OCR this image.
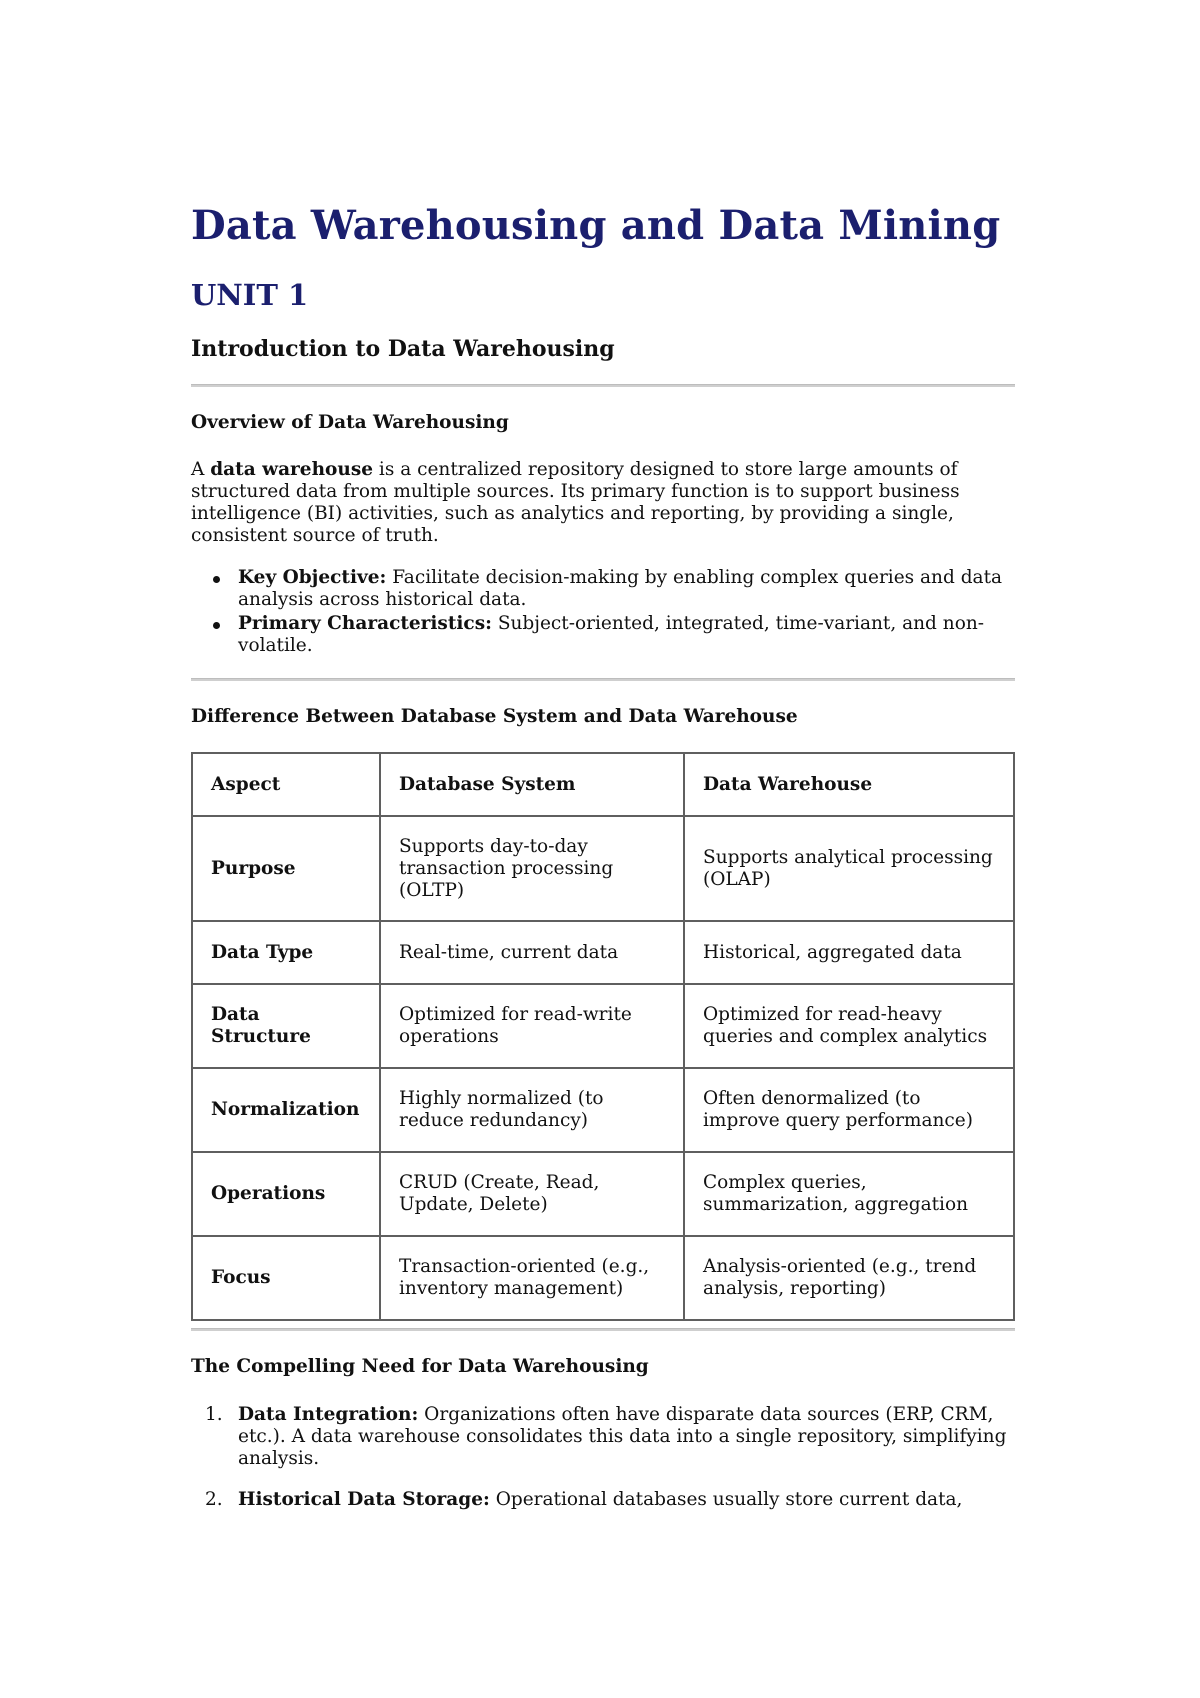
Data Warehousing and Data Mining
UNIT 1
Introduction to Data Warehousing
Overview of Data Warehousing
A data warehouse is a centralized repository designed to store large amounts of structured data from multiple sources. Its primary function is to support business intelligence (BI) activities, such as analytics and reporting, by providing a single, consistent source of truth.
Key Objective: Facilitate decision-making by enabling complex queries and data analysis across historical data.
Primary Characteristics: Subject-oriented, integrated, time-variant, and non-volatile.
Difference Between Database System and Data Warehouse
Aspect	Database System	Data Warehouse
Purpose	Supports day-to-day transaction processing (OLTP)	Supports analytical processing (OLAP)
Data Type	Real-time, current data	Historical, aggregated data
Data Structure	Optimized for read-write operations	Optimized for read-heavy queries and complex analytics
Normalization	Highly normalized (to reduce redundancy)	Often denormalized (to improve query performance)
Operations	CRUD (Create, Read, Update, Delete)	Complex queries, summarization, aggregation
Focus	Transaction-oriented (e.g., inventory management)	Analysis-oriented (e.g., trend analysis, reporting)
The Compelling Need for Data Warehousing
1. Data Integration: Organizations often have disparate data sources (ERP, CRM, etc.). A data warehouse consolidates this data into a single repository, simplifying analysis.
2. Historical Data Storage: Operational databases usually store current data,
